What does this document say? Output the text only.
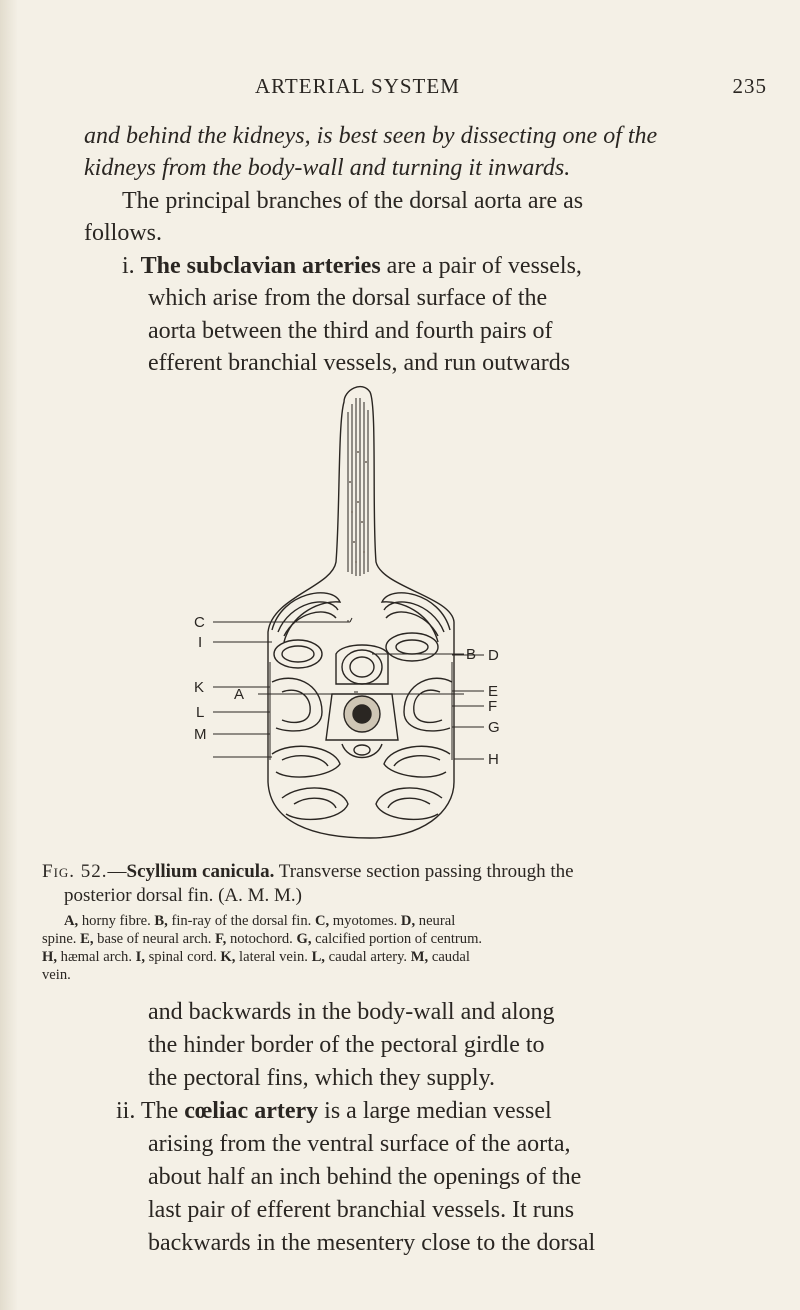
ARTERIAL SYSTEM	235
and behind the kidneys, is best seen by dissecting one of the
kidneys from the body-wall and turning it inwards.
The principal branches of the dorsal aorta are as
follows.
i. The subclavian arteries are a pair of vessels,
which arise from the dorsal surface of the
aorta between the third and fourth pairs of
efferent branchial vessels, and run outwards
A
B
C
D
E
F
G
H
I
K
L
M
Fig. 52.—Scyllium canicula. Transverse section passing through the
posterior dorsal fin. (A. M. M.)
A, horny fibre. B, fin-ray of the dorsal fin. C, myotomes. D, neural
spine. E, base of neural arch. F, notochord. G, calcified portion of centrum.
H, hæmal arch. I, spinal cord. K, lateral vein. L, caudal artery. M, caudal
vein.
and backwards in the body-wall and along
the hinder border of the pectoral girdle to
the pectoral fins, which they supply.
ii. The cœliac artery is a large median vessel
arising from the ventral surface of the aorta,
about half an inch behind the openings of the
last pair of efferent branchial vessels. It runs
backwards in the mesentery close to the dorsal
